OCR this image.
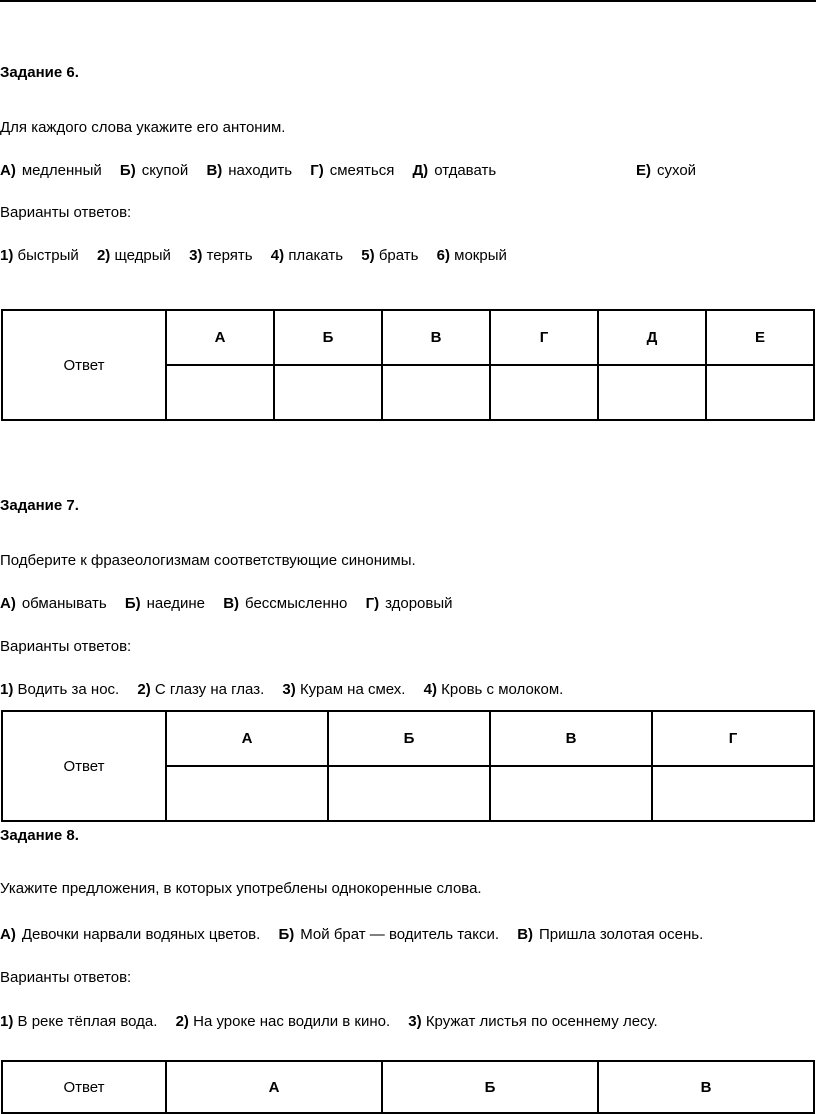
Задание 6.
Для каждого слова укажите его антоним.
А) медленный Б) скупой В) находить Г) смеяться Д) отдавать	Е) сухой
Варианты ответов:
1) быстрый 2) щедрый 3) терять 4) плакать 5) брать 6) мокрый
Ответ	А	Б	В	Г	Д	Е

Задание 7.
Подберите к фразеологизмам соответствующие синонимы.
А) обманывать Б) наедине В) бессмысленно Г) здоровый
Варианты ответов:
1) Водить за нос. 2) С глазу на глаз. 3) Курам на смех. 4) Кровь с молоком.
Ответ	А	Б	В	Г

Задание 8.
Укажите предложения, в которых употреблены однокоренные слова.
А) Девочки нарвали водяных цветов. Б) Мой брат — водитель такси. В) Пришла золотая осень.
Варианты ответов:
1) В реке тёплая вода. 2) На уроке нас водили в кино. 3) Кружат листья по осеннему лесу.
Ответ	А	Б	В
